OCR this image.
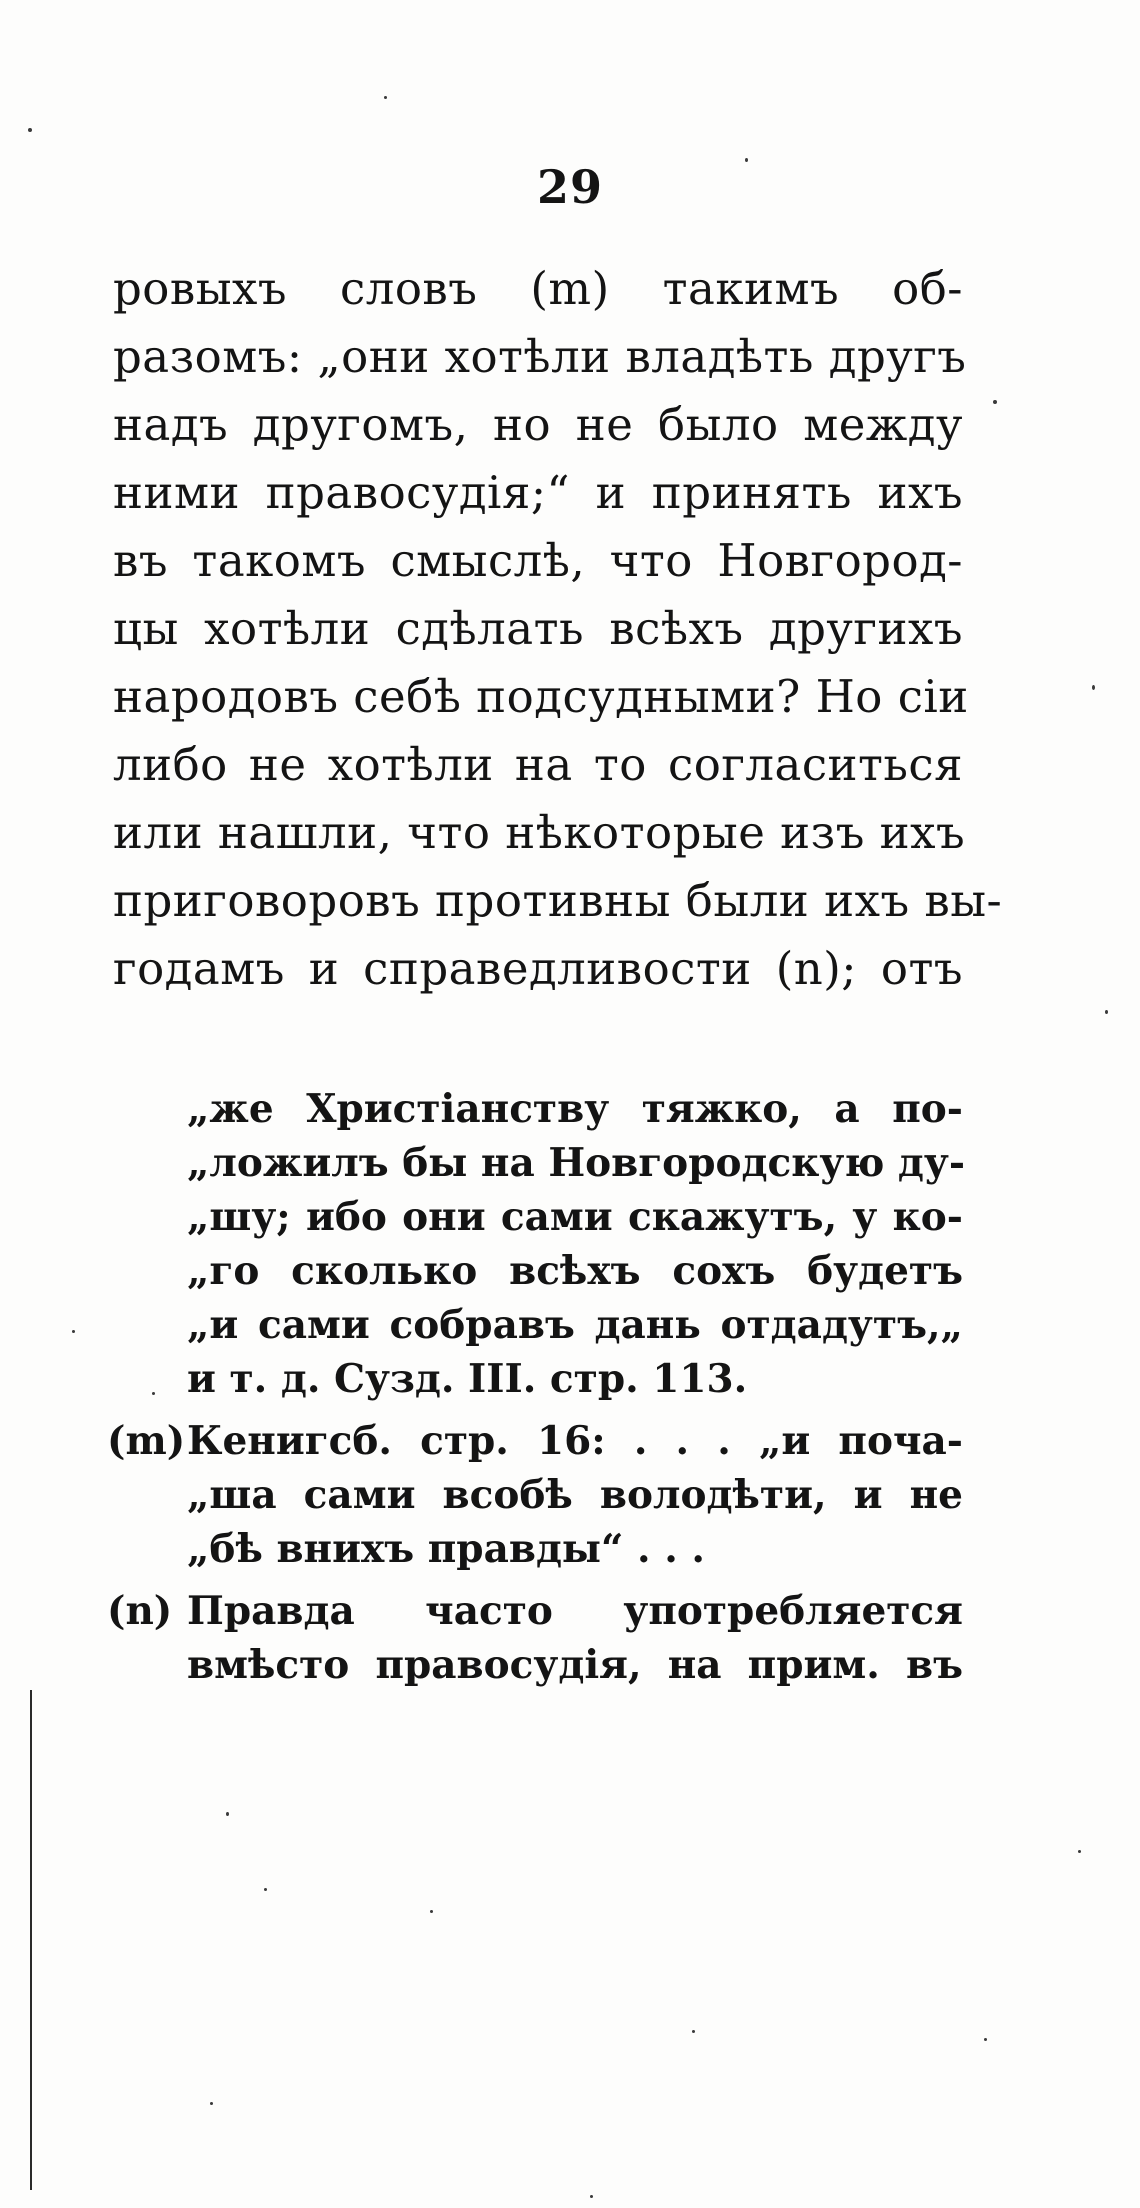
29
ровыхъ словъ (m) такимъ об-
разомъ: „они хотѣли владѣть другъ
надъ другомъ, но не было между
ними правосудія;“ и принять ихъ
въ такомъ смыслѣ, что Новгород-
цы хотѣли сдѣлать всѣхъ другихъ
народовъ себѣ подсудными? Но сіи
либо не хотѣли на то согласиться
или нашли, что нѣкоторые изъ ихъ
приговоровъ противны были ихъ вы-
годамъ и справедливости (n); отъ
„же Христіанству тяжко, а по-
„ложилъ бы на Новгородскую ду-
„шу; ибо они сами скажутъ, у ко-
„го сколько всѣхъ сохъ будетъ
„и сами собравъ дань отдадутъ,„
и т. д. Сузд. III. стр. 113.
(m) Кенигсб. стр. 16: . . . „и поча-
„ша сами всобѣ володѣти, и не
„бѣ внихъ правды“ . . .
(n) Правда часто употребляется
вмѣсто правосудія, на прим. въ
